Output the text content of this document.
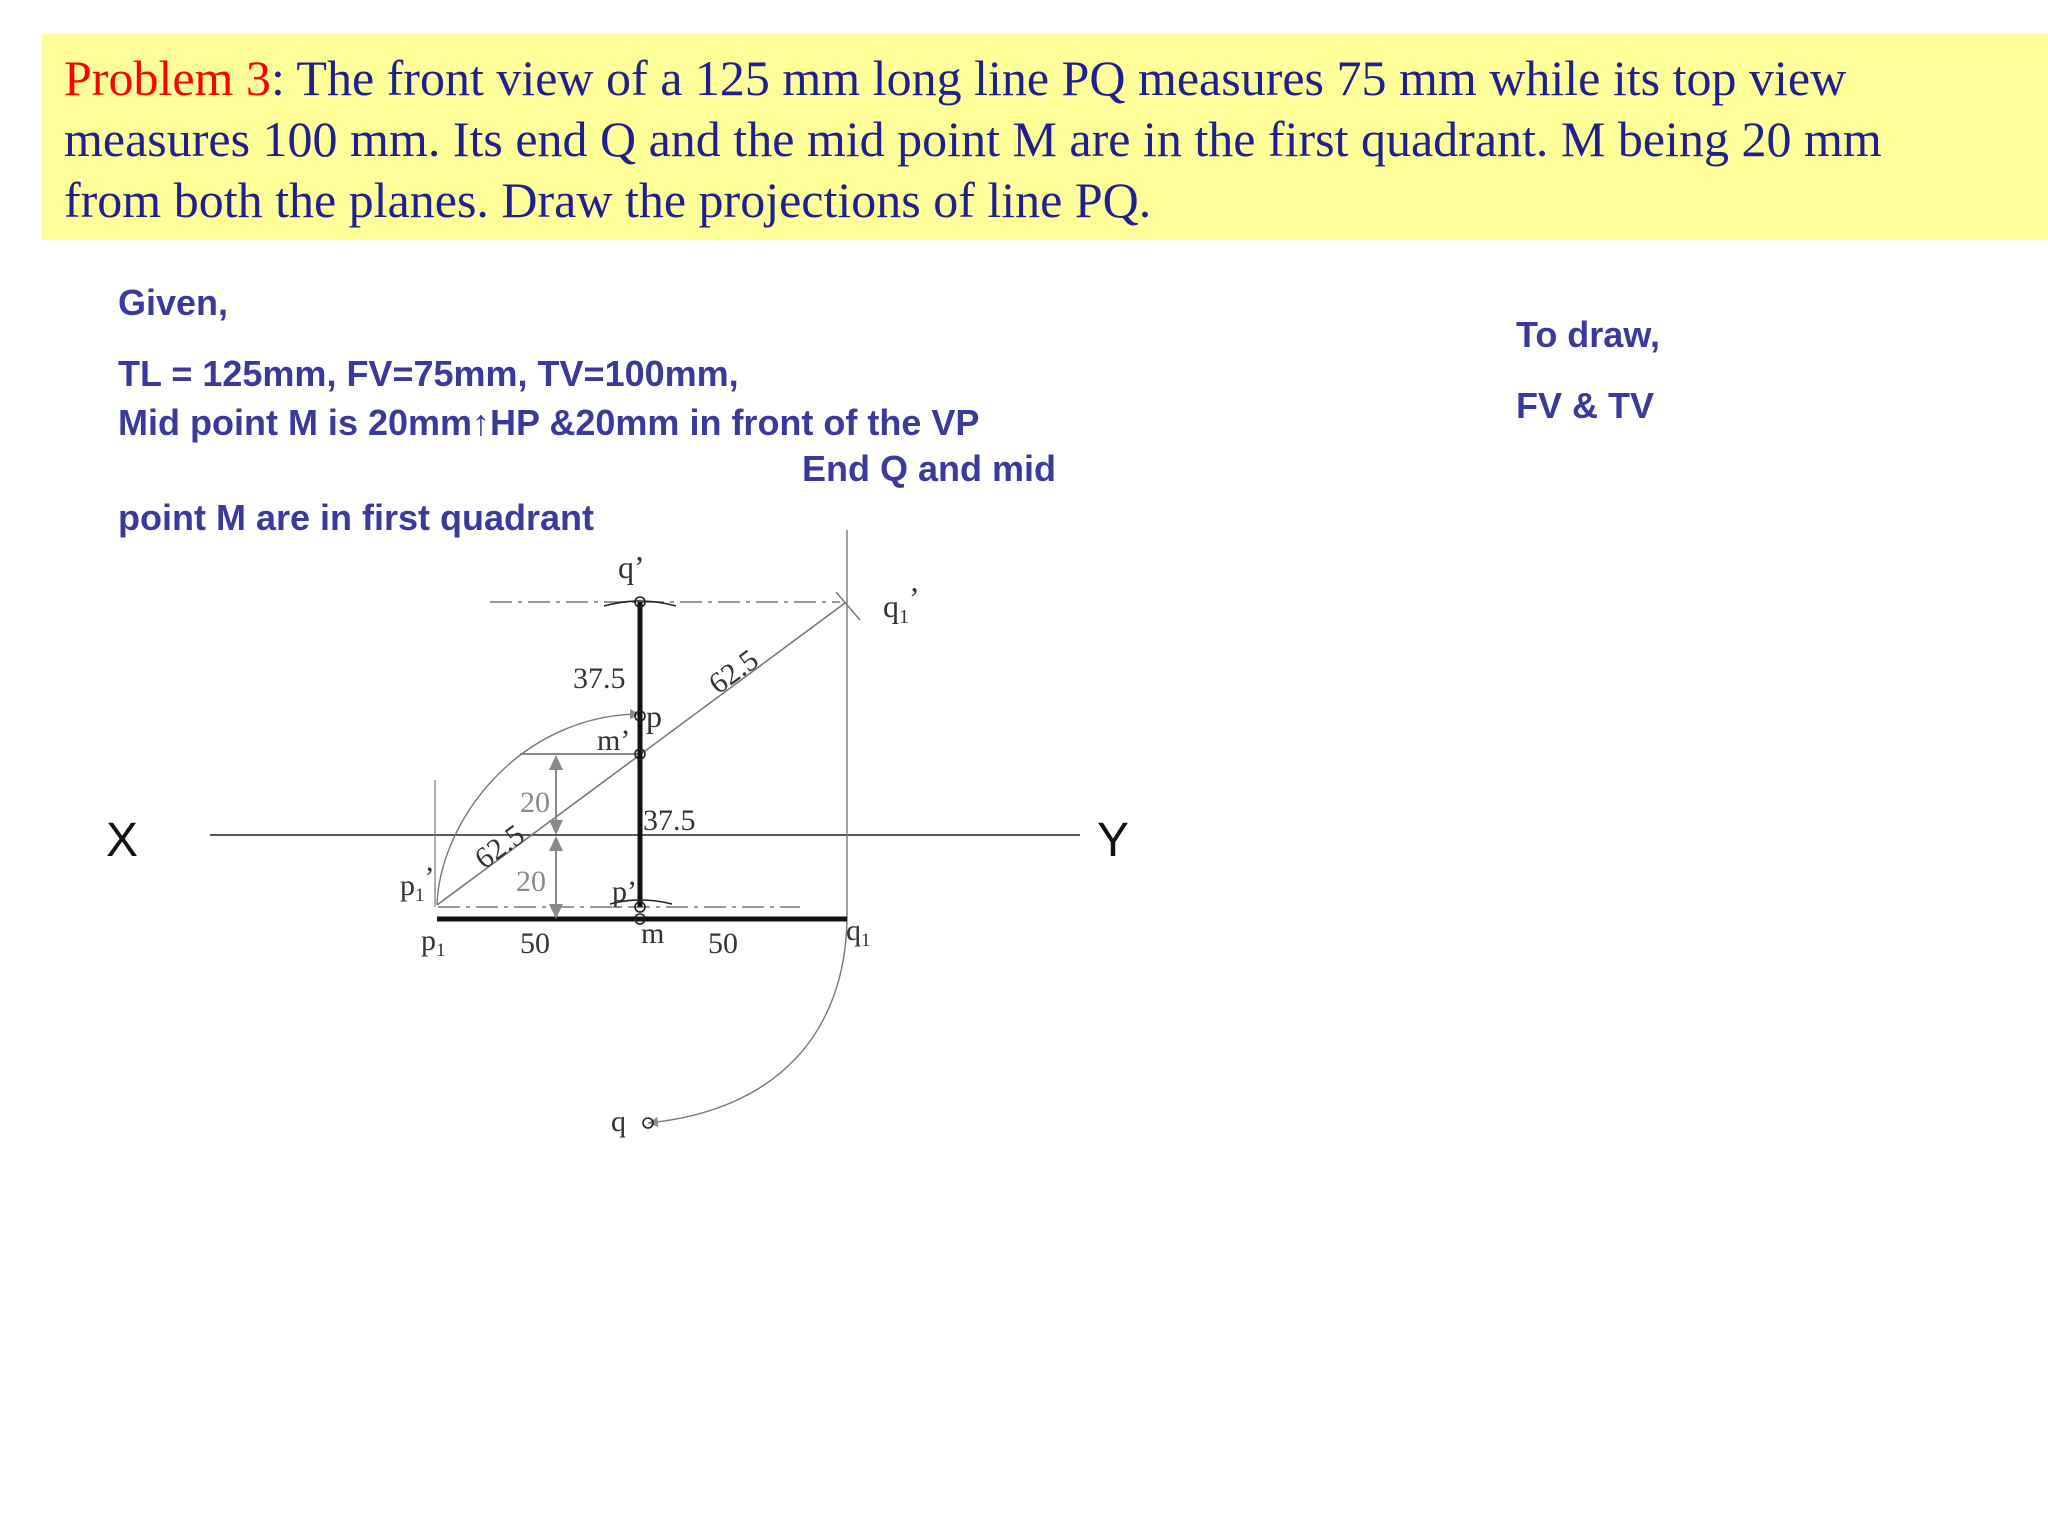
Problem 3: The front view of a 125 mm long line PQ measures 75 mm while its top view
measures 100 mm. Its end Q and the mid point M are in the first quadrant. M being 20 mm
from both the planes. Draw the projections of line PQ.
Given,
TL = 125mm, FV=75mm, TV=100mm,
Mid point M is 20mm↑HP &20mm in front of the VP
End Q and mid
point M are in first quadrant
To draw,
FV & TV
X	Y
q’
q1’
p
m’
p’
$p_1$’
$p_1$
m	$q_1$
q
37.5
37.5
62.5
62.5
20
20
50	50
